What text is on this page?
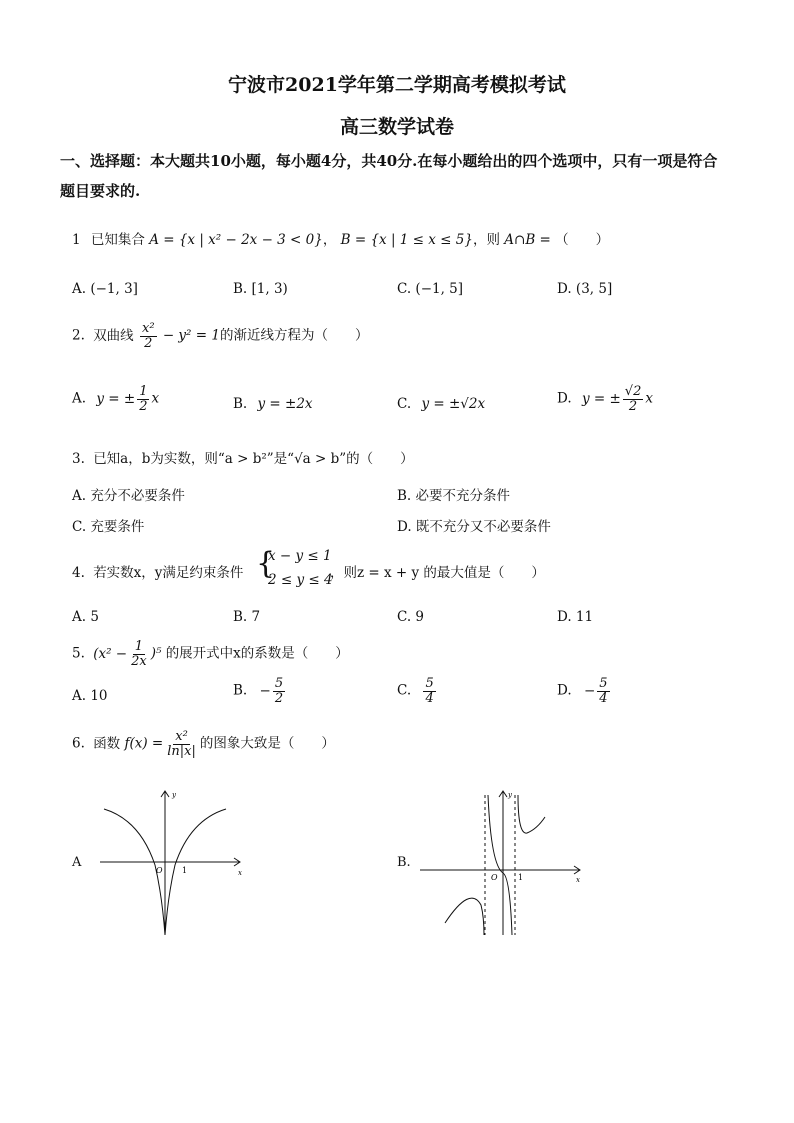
宁波市2021学年第二学期高考模拟考试
高三数学试卷
一、选择题：本大题共10小题，每小题4分，共40分.在每小题给出的四个选项中，只有一项是符合题目要求的.
1 已知集合 A = {x | x² − 2x − 3 < 0}， B = {x | 1 ≤ x ≤ 5}，则 A∩B = （　　）
A. (−1, 3]	B. [1, 3)	C. (−1, 5]	D. (3, 5]
2. 双曲线 $\frac{\text{x²}}{2} - y^2 = 1$的渐近线方程为（　　）
A. y = ± $\frac{1}{2}$ x	B. y = ±2x	C. y = ±√2x	D. y = ± $\frac{√2}{2}$ x
3. 已知a，b为实数，则“a > b²”是“√a > b”的（　　）
A. 充分不必要条件	B. 必要不充分条件
C. 充要条件	D. 既不充分又不必要条件
4. 若实数x，y满足约束条件 {
x − y ≤ 1
2 ≤ y ≤ 4
，则z = x + y 的最大值是（　　）
A. 5	B. 7	C. 9	D. 11
5. $(x^2 - \frac{1}{2x} )^5$ 的展开式中x的系数是（　　）
A. 10	B. − $\frac{5}{2}$	C. $\frac{5}{4}$	D. − $\frac{5}{4}$
6. 函数 $f(x) = \frac{\text{x²}}{\ln|x|}$ 的图象大致是（　　）
A
y
x
O 1
B.
y
x
O	1
